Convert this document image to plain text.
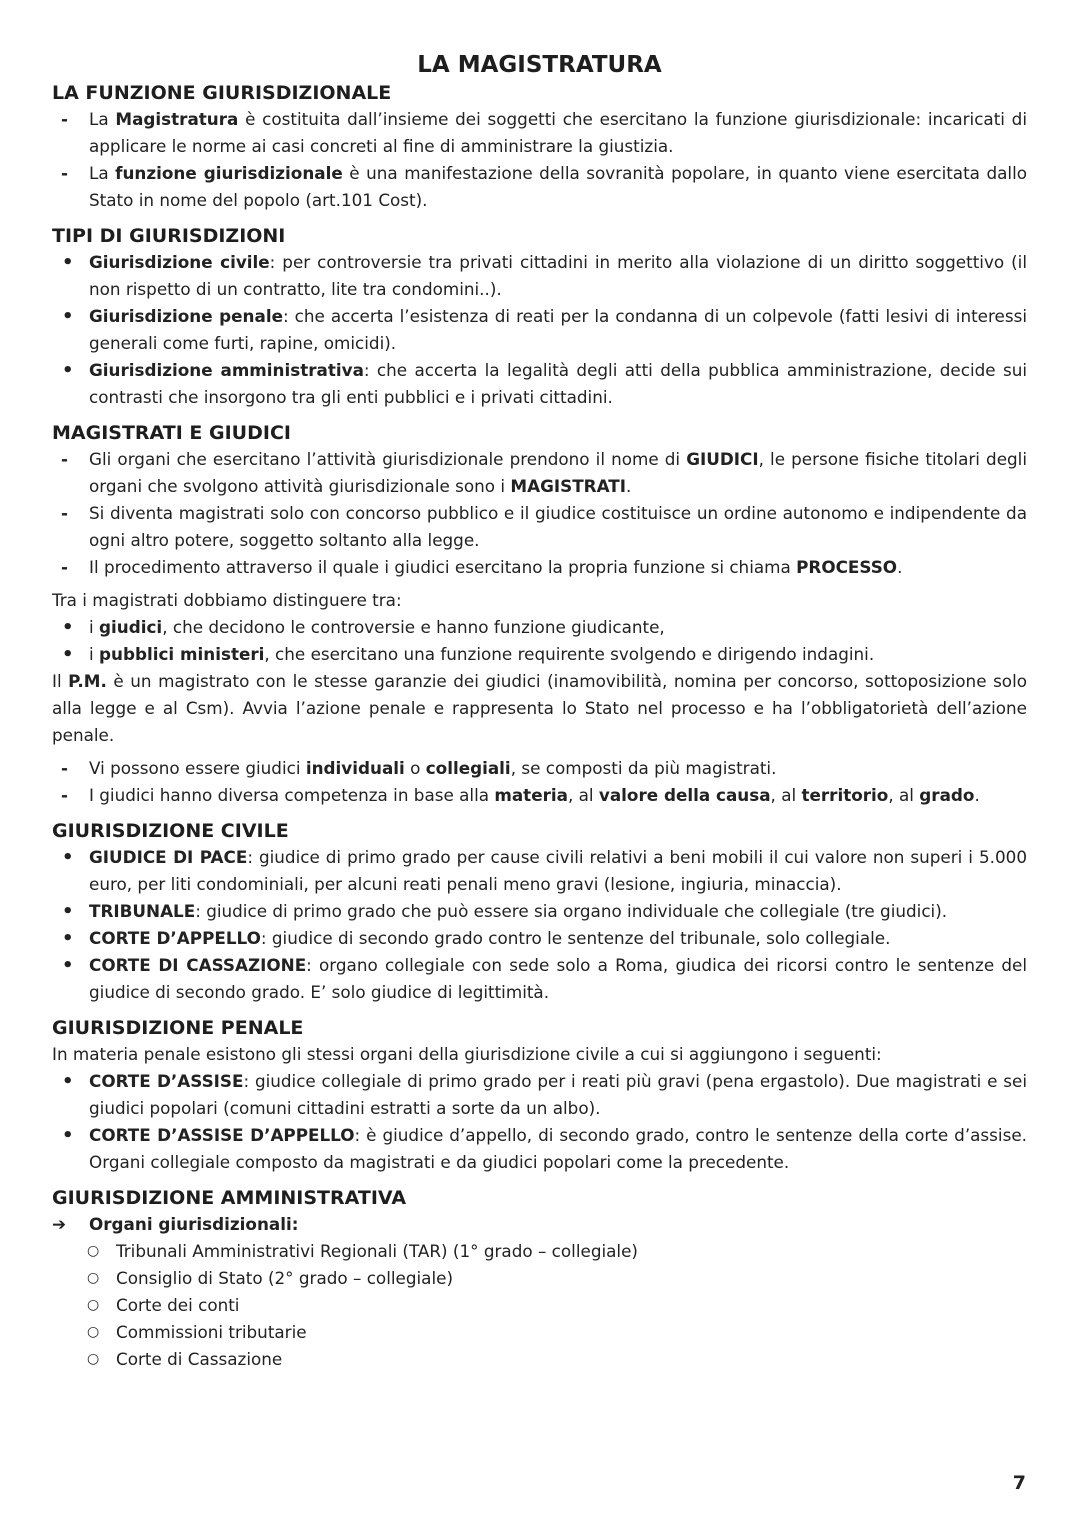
LA MAGISTRATURA
LA FUNZIONE GIURISDIZIONALE
-	La Magistratura è costituita dall’insieme dei soggetti che esercitano la funzione giurisdizionale: incaricati di applicare le norme ai casi concreti al fine di amministrare la giustizia.
-	La funzione giurisdizionale è una manifestazione della sovranità popolare, in quanto viene esercitata dallo Stato in nome del popolo (art.101 Cost).
TIPI DI GIURISDIZIONI
• Giurisdizione civile: per controversie tra privati cittadini in merito alla violazione di un diritto soggettivo (il non rispetto di un contratto, lite tra condomini..).
• Giurisdizione penale: che accerta l’esistenza di reati per la condanna di un colpevole (fatti lesivi di interessi generali come furti, rapine, omicidi).
• Giurisdizione amministrativa: che accerta la legalità degli atti della pubblica amministrazione, decide sui contrasti che insorgono tra gli enti pubblici e i privati cittadini.
MAGISTRATI E GIUDICI
-	Gli organi che esercitano l’attività giurisdizionale prendono il nome di GIUDICI, le persone fisiche titolari degli organi che svolgono attività giurisdizionale sono i MAGISTRATI.
-	Si diventa magistrati solo con concorso pubblico e il giudice costituisce un ordine autonomo e indipendente da ogni altro potere, soggetto soltanto alla legge.
-	Il procedimento attraverso il quale i giudici esercitano la propria funzione si chiama PROCESSO.

Tra i magistrati dobbiamo distinguere tra:

• i giudici, che decidono le controversie e hanno funzione giudicante,
• i pubblici ministeri, che esercitano una funzione requirente svolgendo e dirigendo indagini.

Il P.M. è un magistrato con le stesse garanzie dei giudici (inamovibilità, nomina per concorso, sottoposizione solo alla legge e al Csm). Avvia l’azione penale e rappresenta lo Stato nel processo e ha l’obbligatorietà dell’azione penale.

-	Vi possono essere giudici individuali o collegiali, se composti da più magistrati.
-	I giudici hanno diversa competenza in base alla materia, al valore della causa, al territorio, al grado.
GIURISDIZIONE CIVILE
• GIUDICE DI PACE: giudice di primo grado per cause civili relativi a beni mobili il cui valore non superi i 5.000 euro, per liti condominiali, per alcuni reati penali meno gravi (lesione, ingiuria, minaccia).
• TRIBUNALE: giudice di primo grado che può essere sia organo individuale che collegiale (tre giudici).
• CORTE D’APPELLO: giudice di secondo grado contro le sentenze del tribunale, solo collegiale.
• CORTE DI CASSAZIONE: organo collegiale con sede solo a Roma, giudica dei ricorsi contro le sentenze del giudice di secondo grado. E’ solo giudice di legittimità.
GIURISDIZIONE PENALE

In materia penale esistono gli stessi organi della giurisdizione civile a cui si aggiungono i seguenti:

• CORTE D’ASSISE: giudice collegiale di primo grado per i reati più gravi (pena ergastolo). Due magistrati e sei giudici popolari (comuni cittadini estratti a sorte da un albo).
• CORTE D’ASSISE D’APPELLO: è giudice d’appello, di secondo grado, contro le sentenze della corte d’assise. Organi collegiale composto da magistrati e da giudici popolari come la precedente.
GIURISDIZIONE AMMINISTRATIVA
➔	Organi giurisdizionali:
○ Tribunali Amministrativi Regionali (TAR) (1° grado – collegiale)
○ Consiglio di Stato (2° grado – collegiale)
○ Corte dei conti
○ Commissioni tributarie
○ Corte di Cassazione
7
